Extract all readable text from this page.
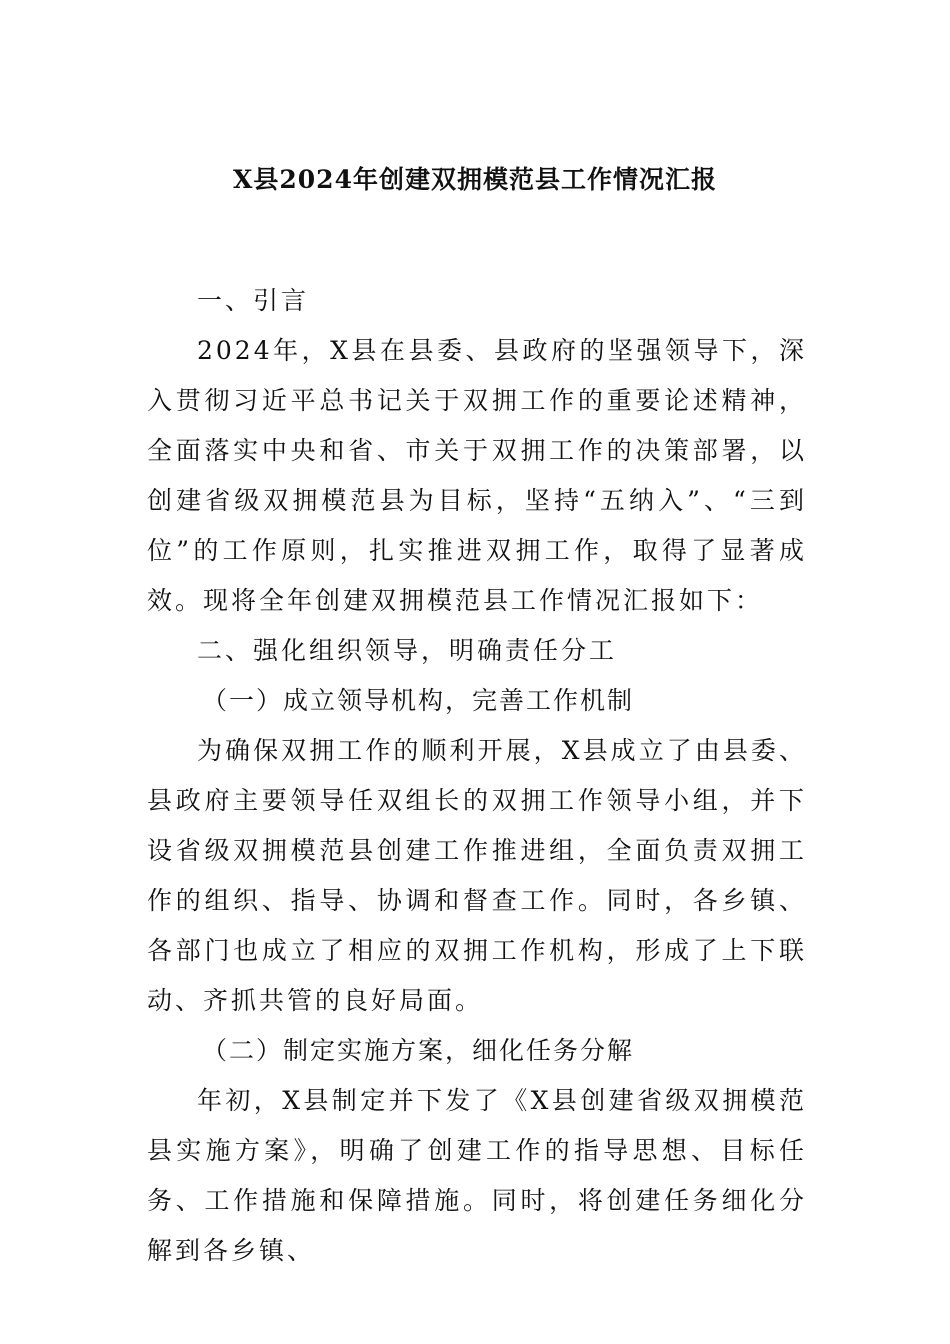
X县2024年创建双拥模范县工作情况汇报

一、引言

2024年，X县在县委、县政府的坚强领导下，深入贯彻习近平总书记关于双拥工作的重要论述精神，全面落实中央和省、市关于双拥工作的决策部署，以创建省级双拥模范县为目标，坚持“五纳入”、“三到位”的工作原则，扎实推进双拥工作，取得了显著成效。现将全年创建双拥模范县工作情况汇报如下：

二、强化组织领导，明确责任分工

（一）成立领导机构，完善工作机制

为确保双拥工作的顺利开展，X县成立了由县委、县政府主要领导任双组长的双拥工作领导小组，并下设省级双拥模范县创建工作推进组，全面负责双拥工作的组织、指导、协调和督查工作。同时，各乡镇、各部门也成立了相应的双拥工作机构，形成了上下联动、齐抓共管的良好局面。

（二）制定实施方案，细化任务分解

年初，X县制定并下发了《X县创建省级双拥模范县实施方案》，明确了创建工作的指导思想、目标任务、工作措施和保障措施。同时，将创建任务细化分解到各乡镇、
